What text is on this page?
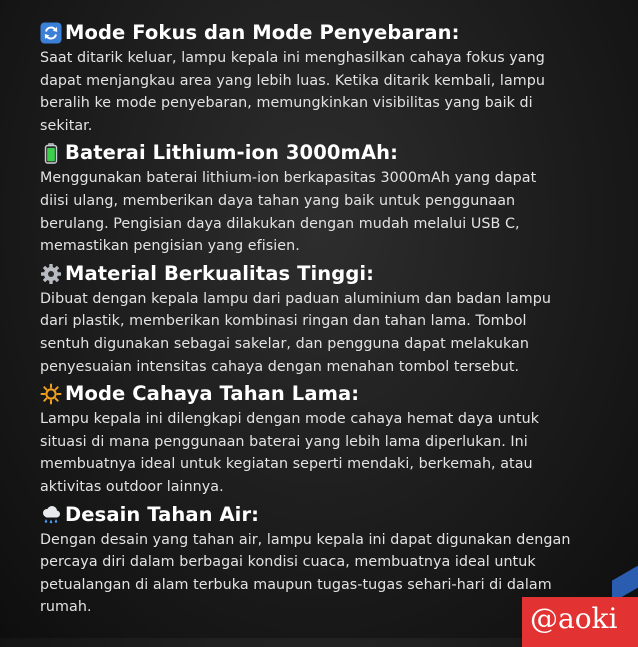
Mode Fokus dan Mode Penyebaran:
Saat ditarik keluar, lampu kepala ini menghasilkan cahaya fokus yang
dapat menjangkau area yang lebih luas. Ketika ditarik kembali, lampu
beralih ke mode penyebaran, memungkinkan visibilitas yang baik di
sekitar.
Baterai Lithium-ion 3000mAh:
Menggunakan baterai lithium-ion berkapasitas 3000mAh yang dapat
diisi ulang, memberikan daya tahan yang baik untuk penggunaan
berulang. Pengisian daya dilakukan dengan mudah melalui USB C,
memastikan pengisian yang efisien.
Material Berkualitas Tinggi:
Dibuat dengan kepala lampu dari paduan aluminium dan badan lampu
dari plastik, memberikan kombinasi ringan dan tahan lama. Tombol
sentuh digunakan sebagai sakelar, dan pengguna dapat melakukan
penyesuaian intensitas cahaya dengan menahan tombol tersebut.
Mode Cahaya Tahan Lama:
Lampu kepala ini dilengkapi dengan mode cahaya hemat daya untuk
situasi di mana penggunaan baterai yang lebih lama diperlukan. Ini
membuatnya ideal untuk kegiatan seperti mendaki, berkemah, atau
aktivitas outdoor lainnya.
Desain Tahan Air:
Dengan desain yang tahan air, lampu kepala ini dapat digunakan dengan
percaya diri dalam berbagai kondisi cuaca, membuatnya ideal untuk
petualangan di alam terbuka maupun tugas-tugas sehari-hari di dalam
rumah.	@aoki
